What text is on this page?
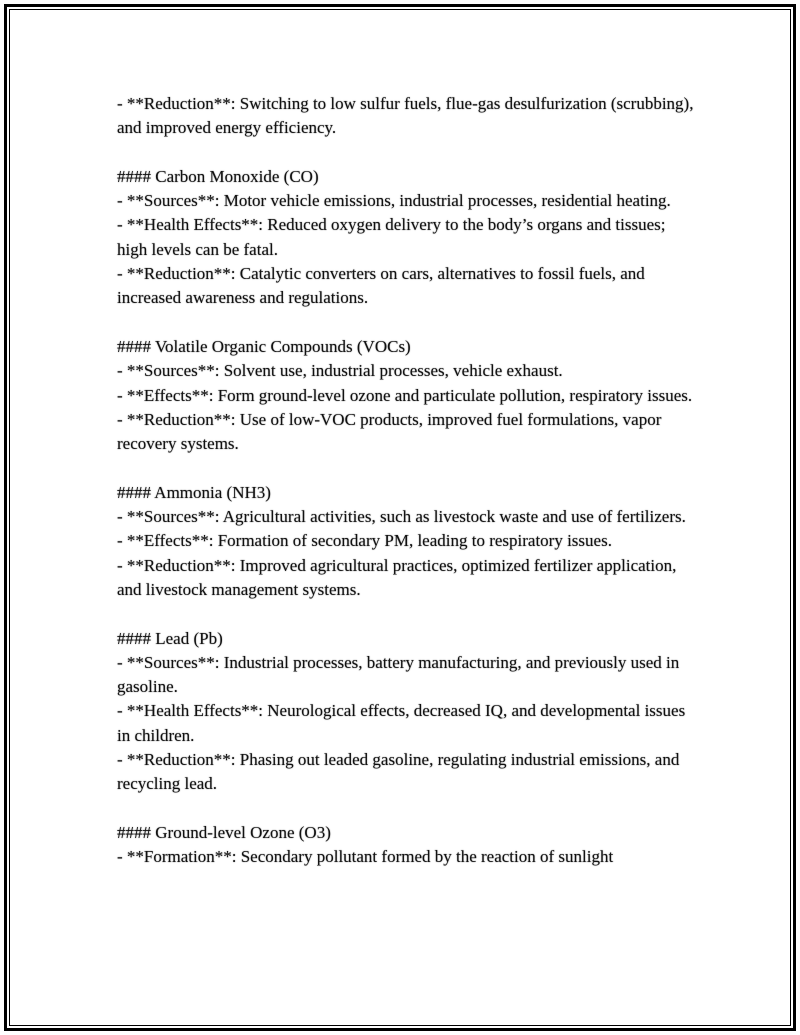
- **Reduction**: Switching to low sulfur fuels, flue-gas desulfurization (scrubbing), and improved energy efficiency.

#### Carbon Monoxide (CO)

- **Sources**: Motor vehicle emissions, industrial processes, residential heating.

- **Health Effects**: Reduced oxygen delivery to the body’s organs and tissues; high levels can be fatal.

- **Reduction**: Catalytic converters on cars, alternatives to fossil fuels, and increased awareness and regulations.

#### Volatile Organic Compounds (VOCs)

- **Sources**: Solvent use, industrial processes, vehicle exhaust.

- **Effects**: Form ground-level ozone and particulate pollution, respiratory issues.

- **Reduction**: Use of low-VOC products, improved fuel formulations, vapor recovery systems.

#### Ammonia (NH3)

- **Sources**: Agricultural activities, such as livestock waste and use of fertilizers.

- **Effects**: Formation of secondary PM, leading to respiratory issues.

- **Reduction**: Improved agricultural practices, optimized fertilizer application, and livestock management systems.

#### Lead (Pb)

- **Sources**: Industrial processes, battery manufacturing, and previously used in gasoline.

- **Health Effects**: Neurological effects, decreased IQ, and developmental issues in children.

- **Reduction**: Phasing out leaded gasoline, regulating industrial emissions, and recycling lead.

#### Ground-level Ozone (O3)

- **Formation**: Secondary pollutant formed by the reaction of sunlight
